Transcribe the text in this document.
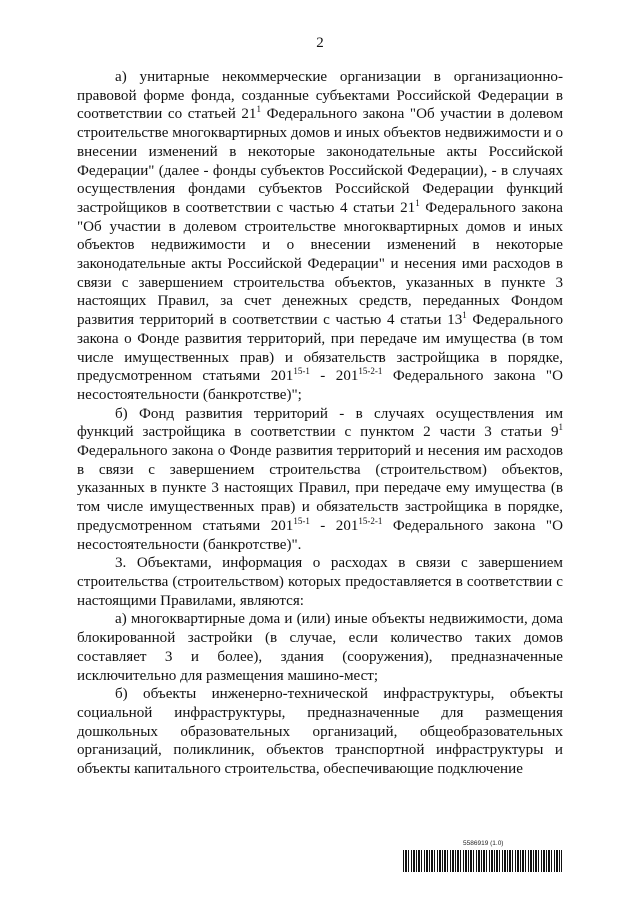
2

а) унитарные некоммерческие организации в организационно-правовой форме фонда, созданные субъектами Российской Федерации в соответствии со статьей $21^1$ Федерального закона "Об участии в долевом строительстве многоквартирных домов и иных объектов недвижимости и о внесении изменений в некоторые законодательные акты Российской Федерации" (далее - фонды субъектов Российской Федерации), - в случаях осуществления фондами субъектов Российской Федерации функций застройщиков в соответствии с частью 4 статьи $21^1$ Федерального закона "Об участии в долевом строительстве многоквартирных домов и иных объектов недвижимости и о внесении изменений в некоторые законодательные акты Российской Федерации" и несения ими расходов в связи с завершением строительства объектов, указанных в пункте 3 настоящих Правил, за счет денежных средств, переданных Фондом развития территорий в соответствии с частью 4 статьи $13^1$ Федерального закона о Фонде развития территорий, при передаче им имущества (в том числе имущественных прав) и обязательств застройщика в порядке, предусмотренном статьями 201$^{15-1}$ - 201$^{15-2-1}$ Федерального закона "О несостоятельности (банкротстве)";

б) Фонд развития территорий - в случаях осуществления им функций застройщика в соответствии с пунктом 2 части 3 статьи $9^1$ Федерального закона о Фонде развития территорий и несения им расходов в связи с завершением строительства (строительством) объектов, указанных в пункте 3 настоящих Правил, при передаче ему имущества (в том числе имущественных прав) и обязательств застройщика в порядке, предусмотренном статьями 201$^{15-1}$ - 201$^{15-2-1}$ Федерального закона "О несостоятельности (банкротстве)".

3. Объектами, информация о расходах в связи с завершением строительства (строительством) которых предоставляется в соответствии с настоящими Правилами, являются:

а) многоквартирные дома и (или) иные объекты недвижимости, дома блокированной застройки (в случае, если количество таких домов составляет 3 и более), здания (сооружения), предназначенные исключительно для размещения машино-мест;

б) объекты инженерно-технической инфраструктуры, объекты социальной инфраструктуры, предназначенные для размещения дошкольных образовательных организаций, общеобразовательных организаций, поликлиник, объектов транспортной инфраструктуры и объекты капитального строительства, обеспечивающие подключение

5586919 (1.0)
